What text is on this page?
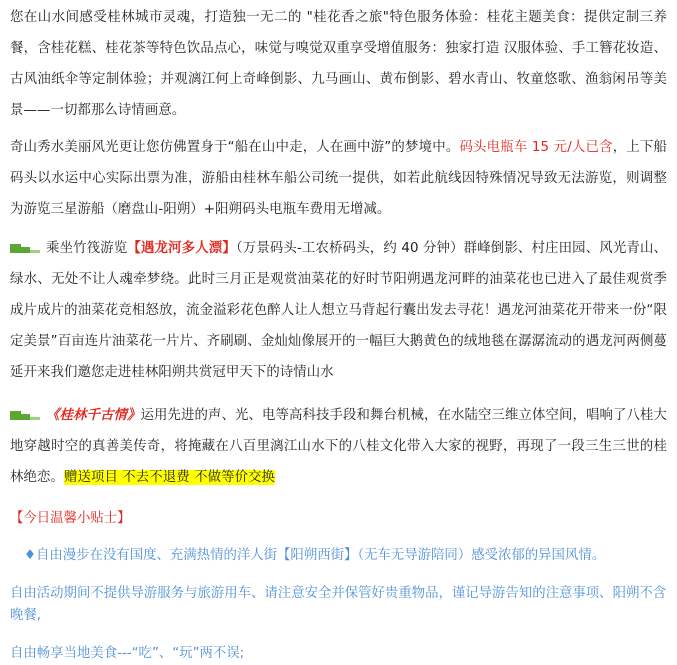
您在山水间感受桂林城市灵魂，打造独一无二的 "桂花香之旅"特色服务体验：桂花主题美食：提供定制三养餐，含桂花糕、桂花茶等特色饮品点心，味觉与嗅觉双重享受增值服务：独家打造 汉服体验、手工簪花妆造、古风油纸伞等定制体验；并观漓江何上奇峰倒影、九马画山、黄布倒影、碧水青山、牧童悠歌、渔翁闲吊等美景——一切都那么诗情画意。

奇山秀水美丽风光更让您仿佛置身于“船在山中走，人在画中游”的梦境中。码头电瓶车 15 元/人已含，上下船码头以水运中心实际出票为准，游船由桂林车船公司统一提供，如若此航线因特殊情况导致无法游览，则调整为游览三星游船（磨盘山-阳朔）+阳朔码头电瓶车费用无增减。

乘坐竹筏游览【遇龙河多人漂】（万景码头-工农桥码头，约 40 分钟）群峰倒影、村庄田园、风光青山、绿水、无处不让人魂牵梦绕。此时三月正是观赏油菜花的好时节阳朔遇龙河畔的油菜花也已进入了最佳观赏季成片成片的油菜花竞相怒放，流金溢彩花色醉人让人想立马背起行囊出发去寻花！遇龙河油菜花开带来一份“限定美景”百亩连片油菜花一片片、齐刷刷、金灿灿像展开的一幅巨大鹅黄色的绒地毯在潺潺流动的遇龙河两侧蔓延开来我们邀您走进桂林阳朔共赏冠甲天下的诗情山水

《桂林千古情》运用先进的声、光、电等高科技手段和舞台机械，在水陆空三维立体空间，唱响了八桂大地穿越时空的真善美传奇，将掩藏在八百里漓江山水下的八桂文化带入大家的视野，再现了一段三生三世的桂林绝恋。赠送项目 不去不退费 不做等价交换

【今日温馨小贴士】

♦自由漫步在没有国度、充满热情的洋人街【阳朔西街】（无车无导游陪同）感受浓郁的异国风情。

自由活动期间不提供导游服务与旅游用车、请注意安全并保管好贵重物品，谨记导游告知的注意事项、阳朔不含晚餐,

自由畅享当地美食---“吃”、“玩”两不误;
